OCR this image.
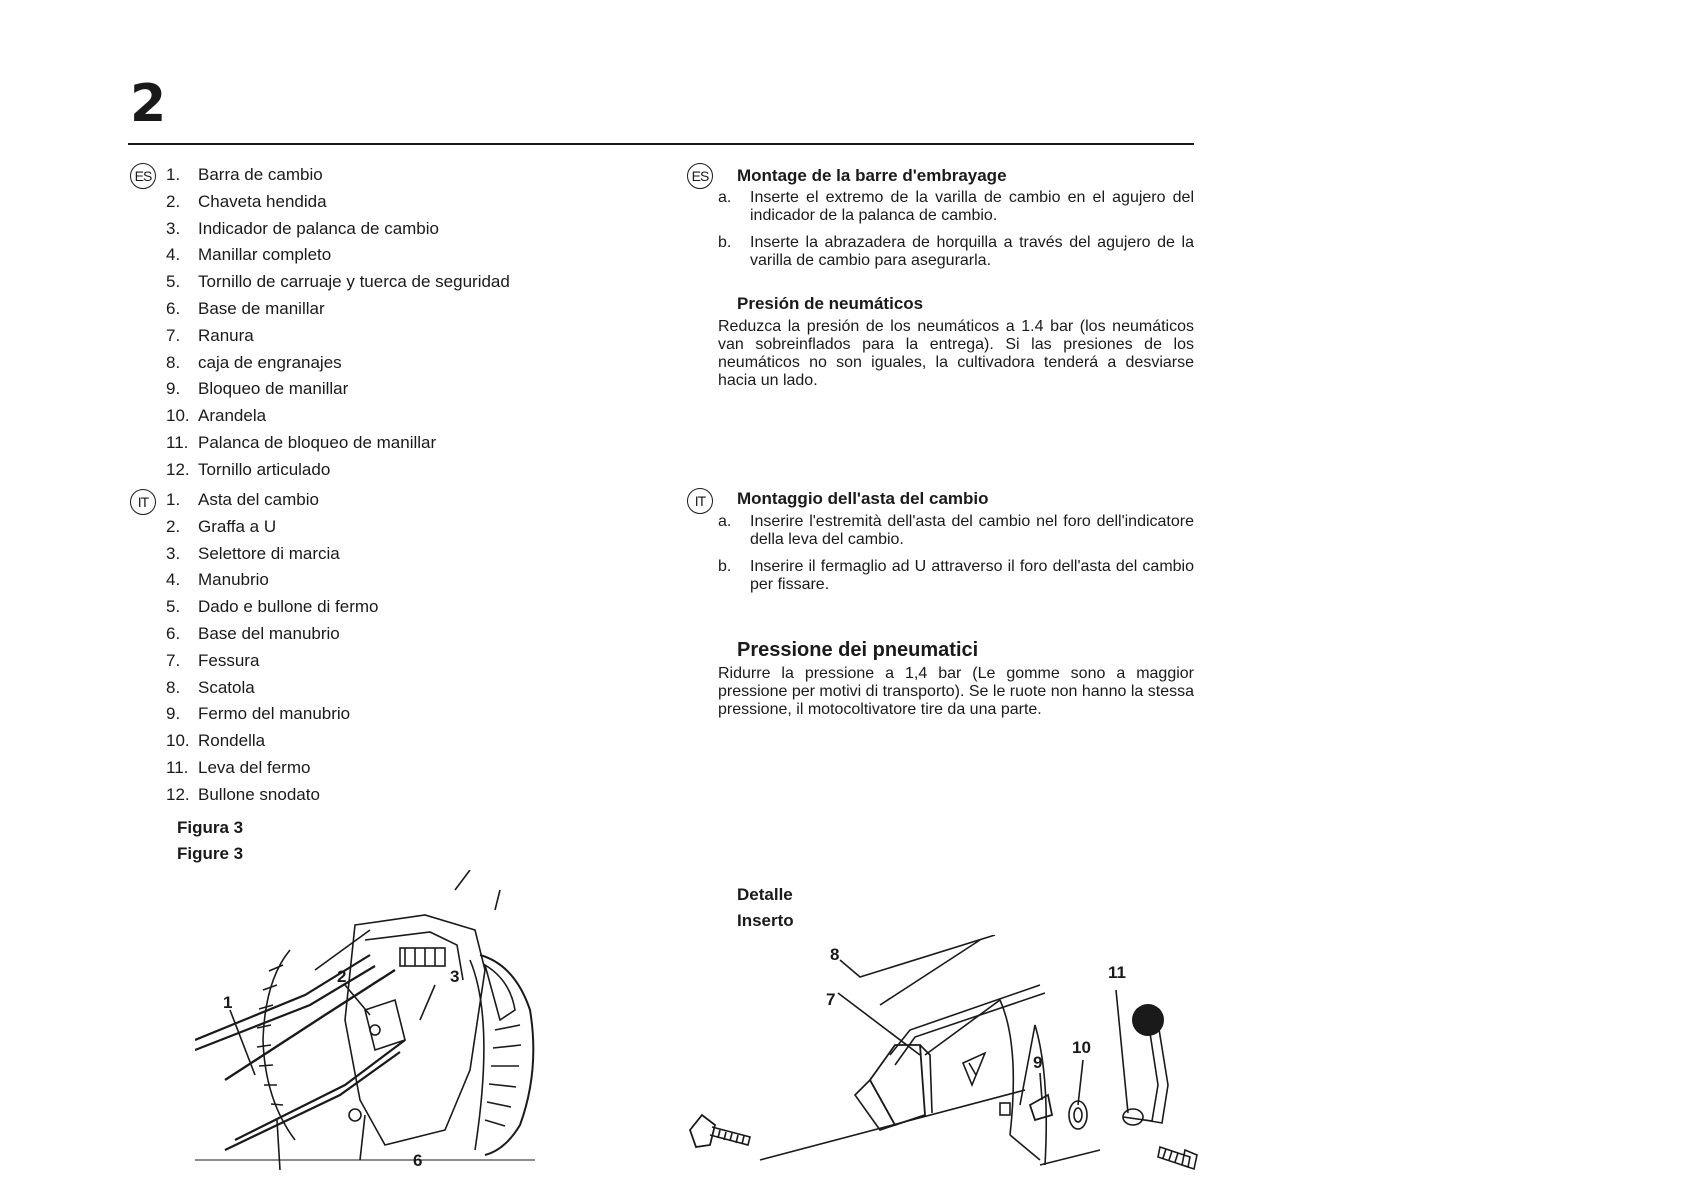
2
ES 1. Barra de cambio
2. Chaveta hendida
3. Indicador de palanca de cambio
4. Manillar completo
5. Tornillo de carruaje y tuerca de seguridad
6. Base de manillar
7. Ranura
8. caja de engranajes
9. Bloqueo de manillar
10. Arandela
11. Palanca de bloqueo de manillar
12. Tornillo articulado
IT	1. Asta del cambio
2. Graffa a U
3. Selettore di marcia
4. Manubrio
5. Dado e bullone di fermo
6. Base del manubrio
7. Fessura
8. Scatola
9. Fermo del manubrio
10. Rondella
11. Leva del fermo
12. Bullone snodato
Figura 3
Figure 3
1
2	3
6
ES Montage de la barre d'embrayage
a. Inserte el extremo de la varilla de cambio en el agujero del indicador de la palanca de cambio.
b. Inserte la abrazadera de horquilla a través del agujero de la varilla de cambio para asegurarla.
Presión de neumáticos
Reduzca la presión de los neumáticos a 1.4 bar (los neumáticos van sobreinflados para la entrega). Si las presiones de los neumáticos no son iguales, la cultivadora tenderá a desviarse hacia un lado.
IT	Montaggio dell'asta del cambio
a. Inserire l'estremità dell'asta del cambio nel foro dell'indicatore della leva del cambio.
b. Inserire il fermaglio ad U attraverso il foro dell'asta del cambio per fissare.
Pressione dei pneumatici
Ridurre la pressione a 1,4 bar (Le gomme sono a maggior pressione per motivi di transporto). Se le ruote non hanno la stessa pressione, il motocoltivatore tire da una parte.
Detalle
Inserto
8
7
9
10
11
